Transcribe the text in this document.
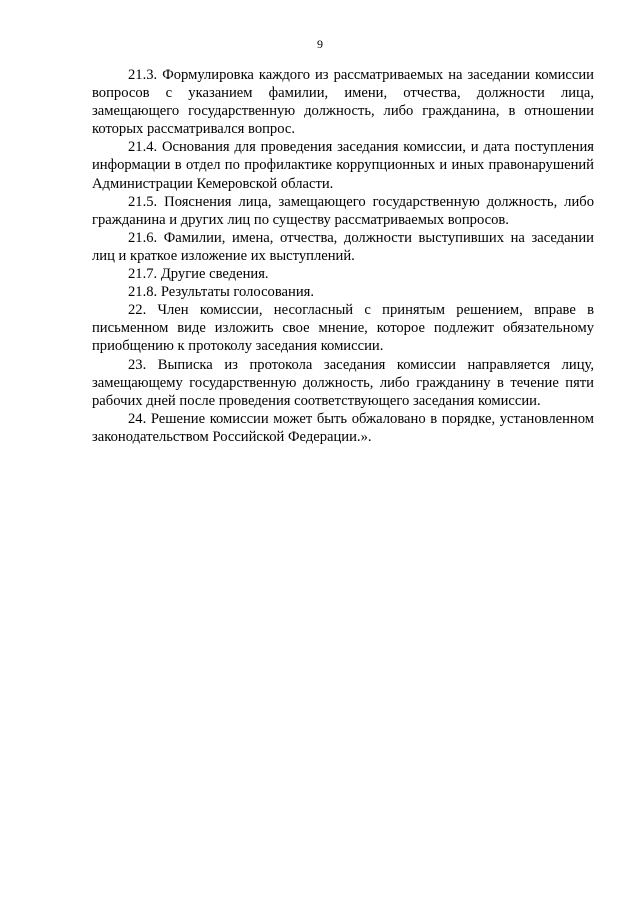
9

21.3. Формулировка каждого из рассматриваемых на заседании комиссии вопросов с указанием фамилии, имени, отчества, должности лица, замещающего государственную должность, либо гражданина, в отношении которых рассматривался вопрос.

21.4. Основания для проведения заседания комиссии, и дата поступления информации в отдел по профилактике коррупционных и иных правонарушений Администрации Кемеровской области.

21.5. Пояснения лица, замещающего государственную должность, либо гражданина и других лиц по существу рассматриваемых вопросов.

21.6. Фамилии, имена, отчества, должности выступивших на заседании лиц и краткое изложение их выступлений.

21.7. Другие сведения.

21.8. Результаты голосования.

22. Член комиссии, несогласный с принятым решением, вправе в письменном виде изложить свое мнение, которое подлежит обязательному приобщению к протоколу заседания комиссии.

23. Выписка из протокола заседания комиссии направляется лицу, замещающему государственную должность, либо гражданину в течение пяти рабочих дней после проведения соответствующего заседания комиссии.

24. Решение комиссии может быть обжаловано в порядке, установленном законодательством Российской Федерации.».
